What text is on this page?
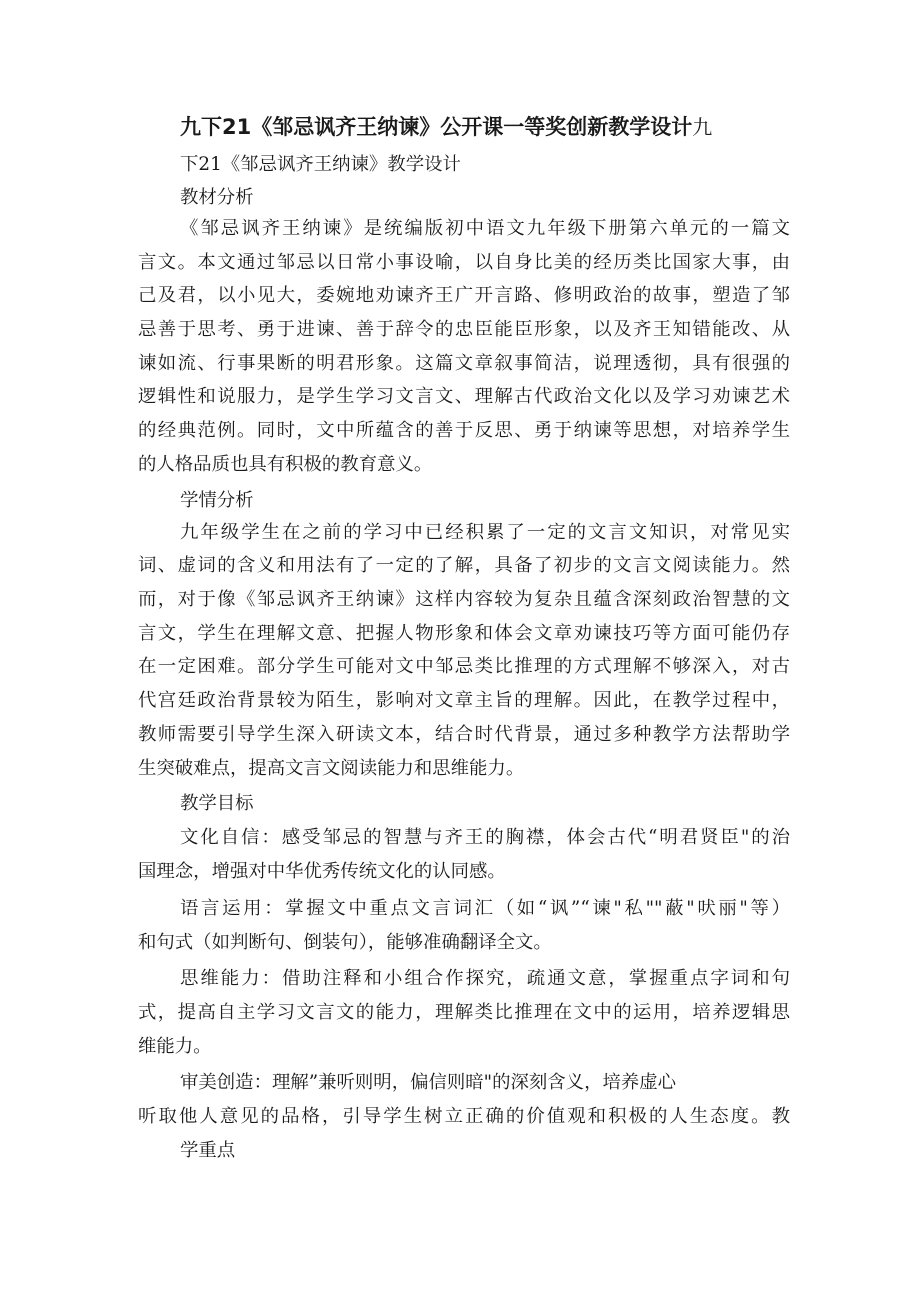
九下21《邹忌讽齐王纳谏》公开课一等奖创新教学设计九
下21《邹忌讽齐王纳谏》教学设计
教材分析
《邹忌讽齐王纳谏》是统编版初中语文九年级下册第六单元的一篇文
言文。本文通过邹忌以日常小事设喻，以自身比美的经历类比国家大事，由
己及君，以小见大，委婉地劝谏齐王广开言路、修明政治的故事，塑造了邹
忌善于思考、勇于进谏、善于辞令的忠臣能臣形象，以及齐王知错能改、从
谏如流、行事果断的明君形象。这篇文章叙事简洁，说理透彻，具有很强的
逻辑性和说服力，是学生学习文言文、理解古代政治文化以及学习劝谏艺术
的经典范例。同时，文中所蕴含的善于反思、勇于纳谏等思想，对培养学生
的人格品质也具有积极的教育意义。
学情分析
九年级学生在之前的学习中已经积累了一定的文言文知识，对常见实
词、虚词的含义和用法有了一定的了解，具备了初步的文言文阅读能力。然
而，对于像《邹忌讽齐王纳谏》这样内容较为复杂且蕴含深刻政治智慧的文
言文，学生在理解文意、把握人物形象和体会文章劝谏技巧等方面可能仍存
在一定困难。部分学生可能对文中邹忌类比推理的方式理解不够深入，对古
代宫廷政治背景较为陌生，影响对文章主旨的理解。因此，在教学过程中，
教师需要引导学生深入研读文本，结合时代背景，通过多种教学方法帮助学
生突破难点，提高文言文阅读能力和思维能力。
教学目标
文化自信：感受邹忌的智慧与齐王的胸襟，体会古代“明君贤臣"的治
国理念，增强对中华优秀传统文化的认同感。
语言运用：掌握文中重点文言词汇（如“讽”“谏"私""蔽"吠丽"等）
和句式（如判断句、倒装句），能够准确翻译全文。
思维能力：借助注释和小组合作探究，疏通文意，掌握重点字词和句
式，提高自主学习文言文的能力，理解类比推理在文中的运用，培养逻辑思
维能力。
审美创造：理解”兼听则明，偏信则暗"的深刻含义，培养虚心
听取他人意见的品格，引导学生树立正确的价值观和积极的人生态度。教
学重点
